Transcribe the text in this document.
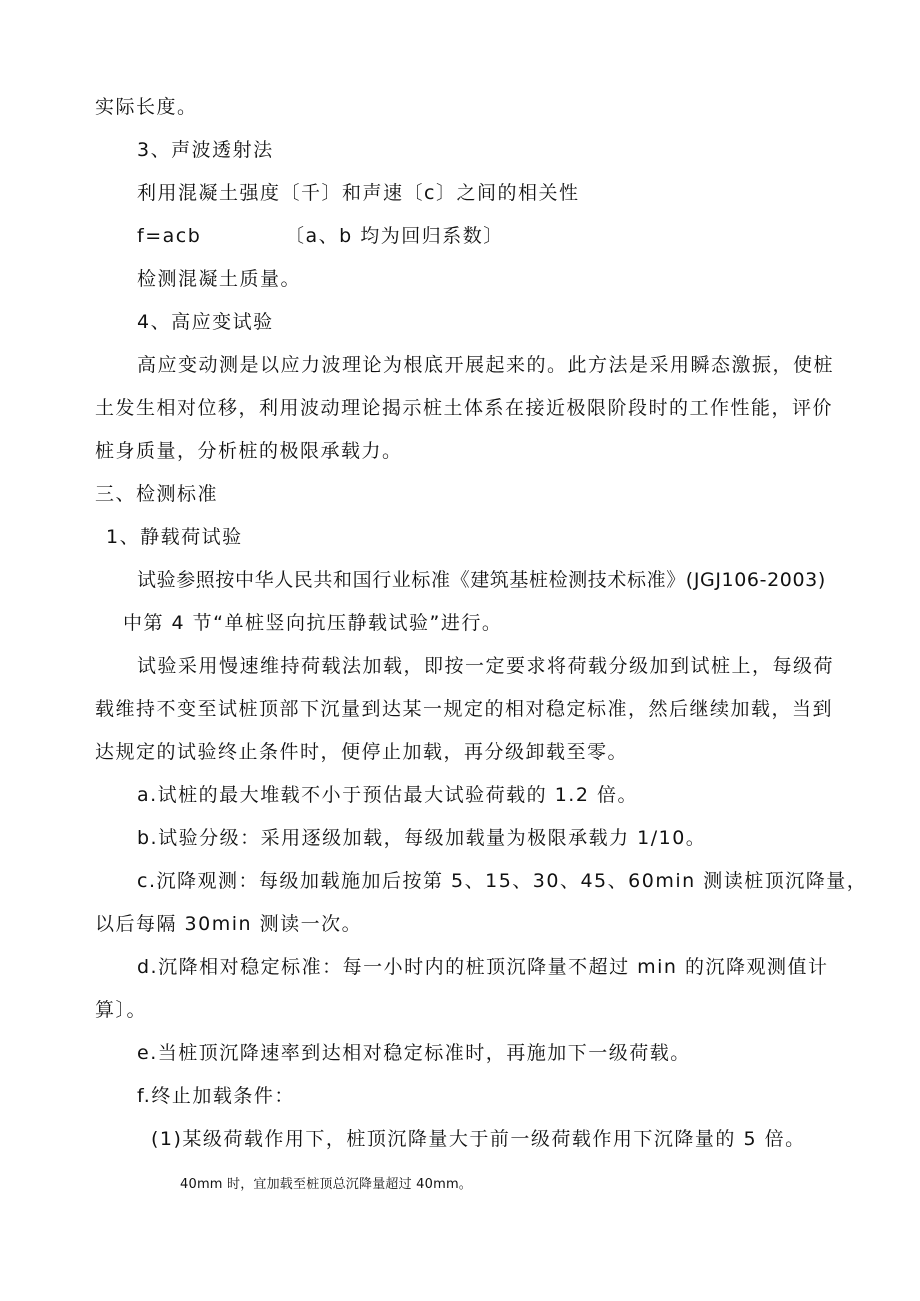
实际长度。
3、声波透射法
利用混凝土强度〔千〕和声速〔c〕之间的相关性
f=acb	〔a、b 均为回归系数〕
检测混凝土质量。
4、高应变试验
高应变动测是以应力波理论为根底开展起来的。此方法是采用瞬态激振，使桩
土发生相对位移，利用波动理论揭示桩土体系在接近极限阶段时的工作性能，评价
桩身质量，分析桩的极限承载力。
三、检测标准
1、静载荷试验
试验参照按中华人民共和国行业标准《建筑基桩检测技术标准》(JGJ106-2003)
中第 4 节“单桩竖向抗压静载试验”进行。
试验采用慢速维持荷载法加载，即按一定要求将荷载分级加到试桩上，每级荷
载维持不变至试桩顶部下沉量到达某一规定的相对稳定标准，然后继续加载，当到
达规定的试验终止条件时，便停止加载，再分级卸载至零。
a.试桩的最大堆载不小于预估最大试验荷载的 1.2 倍。
b.试验分级：采用逐级加载，每级加载量为极限承载力 1/10。
c.沉降观测：每级加载施加后按第 5、15、30、45、60min 测读桩顶沉降量，
以后每隔 30min 测读一次。
d.沉降相对稳定标准：每一小时内的桩顶沉降量不超过 min 的沉降观测值计
算〕。
e.当桩顶沉降速率到达相对稳定标准时，再施加下一级荷载。
f.终止加载条件：
(1)某级荷载作用下，桩顶沉降量大于前一级荷载作用下沉降量的 5 倍。
40mm 时，宜加载至桩顶总沉降量超过 40mm。
